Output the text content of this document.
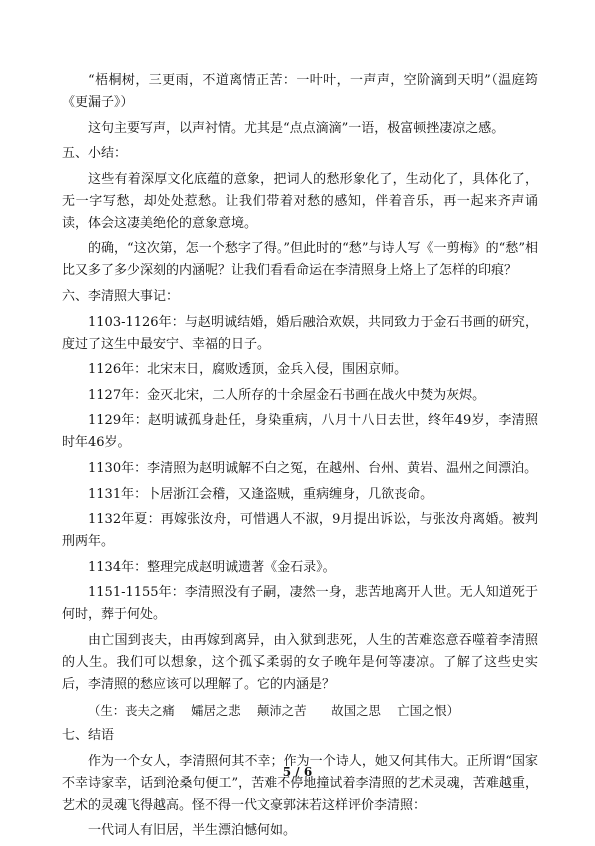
“梧桐树，三更雨，不道离情正苦：一叶叶，一声声，空阶滴到天明”（温庭筠《更漏子》）
这句主要写声，以声衬情。尤其是“点点滴滴”一语，极富顿挫凄凉之感。
五、小结：
这些有着深厚文化底蕴的意象，把词人的愁形象化了，生动化了，具体化了，无一字写愁，却处处惹愁。让我们带着对愁的感知，伴着音乐，再一起来齐声诵读，体会这凄美绝伦的意象意境。
的确，“这次第，怎一个愁字了得。”但此时的“愁”与诗人写《一剪梅》的“愁”相比又多了多少深刻的内涵呢？让我们看看命运在李清照身上烙上了怎样的印痕？
六、李清照大事记：
1103-1126年：与赵明诚结婚，婚后融洽欢娱，共同致力于金石书画的研究，度过了这生中最安宁、幸福的日子。
1126年：北宋末日，腐败透顶，金兵入侵，围困京师。
1127年：金灭北宋，二人所存的十余屋金石书画在战火中焚为灰烬。
1129年：赵明诚孤身赴任，身染重病，八月十八日去世，终年49岁，李清照时年46岁。
1130年：李清照为赵明诚解不白之冤，在越州、台州、黄岩、温州之间漂泊。
1131年：卜居浙江会稽，又逢盗贼，重病缠身，几欲丧命。
1132年夏：再嫁张汝舟，可惜遇人不淑，9月提出诉讼，与张汝舟离婚。被判刑两年。
1134年：整理完成赵明诚遗著《金石录》。
1151-1155年：李清照没有子嗣，凄然一身，悲苦地离开人世。无人知道死于何时，葬于何处。
由亡国到丧夫，由再嫁到离异，由入狱到悲死，人生的苦难恣意吞噬着李清照的人生。我们可以想象，这个孤孓柔弱的女子晚年是何等凄凉。了解了这些史实后，李清照的愁应该可以理解了。它的内涵是？
（生：丧夫之痛　 孀居之悲　 颠沛之苦　　故国之思　 亡国之恨）
七、结语
作为一个女人，李清照何其不幸；作为一个诗人，她又何其伟大。正所谓“国家不幸诗家幸，话到沧桑句便工”，苦难不停地撞试着李清照的艺术灵魂，苦难越重，艺术的灵魂飞得越高。怪不得一代文豪郭沫若这样评价李清照：
一代词人有旧居，半生漂泊憾何如。
5 / 6
